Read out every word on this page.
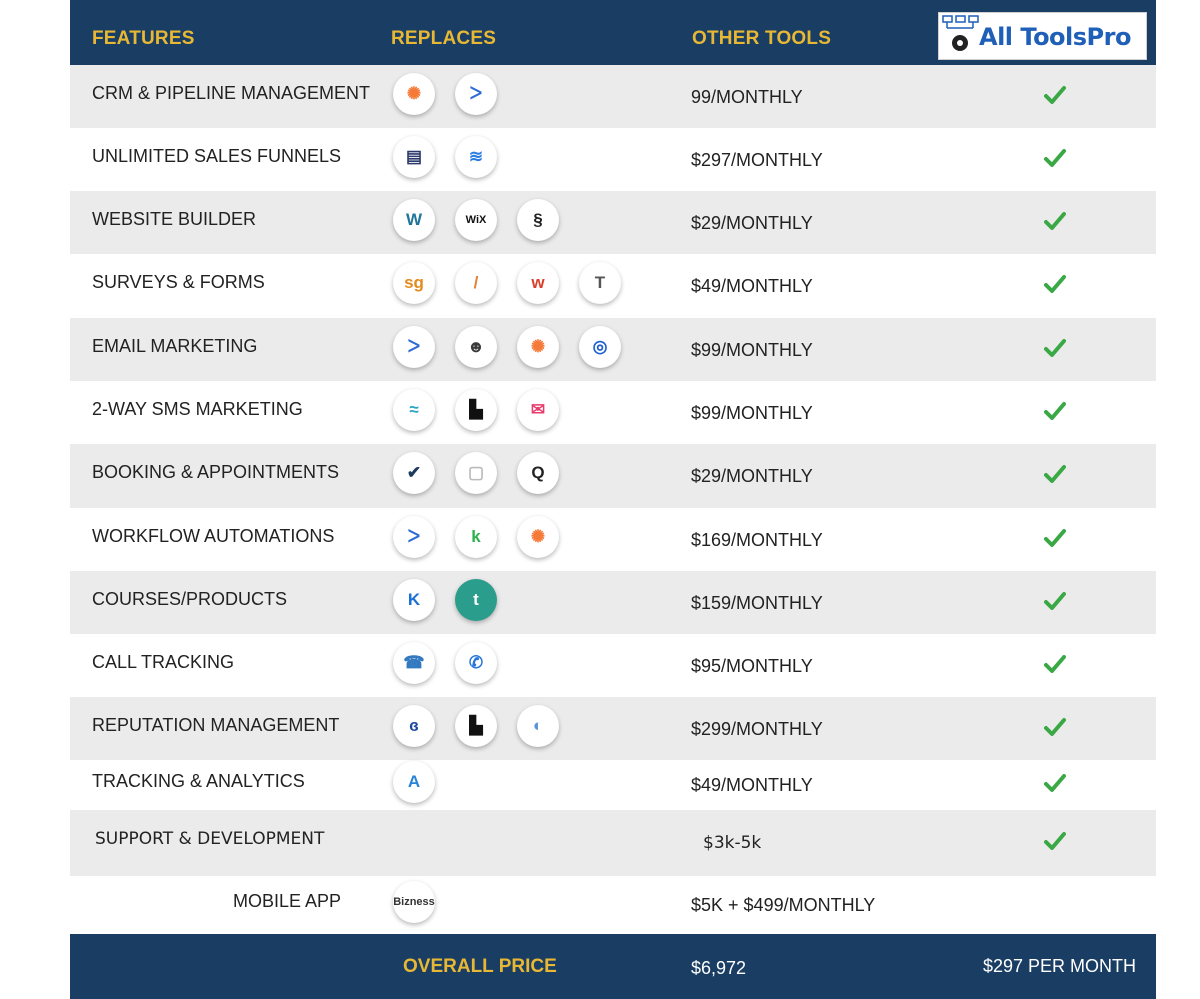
FEATURES	REPLACES	OTHER TOOLS	All ToolsPro
CRM & PIPELINE MANAGEMENT	✺	ᐳ	99/MONTHLY
UNLIMITED SALES FUNNELS	▤	≋	$297/MONTHLY
WEBSITE BUILDER	W	WiX	§	$29/MONTHLY
SURVEYS & FORMS	sg	/	w	T	$49/MONTHLY
EMAIL MARKETING	ᐳ	☻	✺	◎	$99/MONTHLY
2-WAY SMS MARKETING	≈	▙	✉	$99/MONTHLY
BOOKING & APPOINTMENTS	✔	▢	Q	$29/MONTHLY
WORKFLOW AUTOMATIONS	ᐳ	k	✺	$169/MONTHLY
COURSES/PRODUCTS	K	t	$159/MONTHLY
CALL TRACKING	☎	✆	$95/MONTHLY
REPUTATION MANAGEMENT	ɞ	▙	◐	$299/MONTHLY
TRACKING & ANALYTICS	A	$49/MONTHLY
SUPPORT & DEVELOPMENT	$3k-5k
MOBILE APP	Bizness	$5K + $499/MONTHLY
OVERALL PRICE	$6,972	$297 PER MONTH
